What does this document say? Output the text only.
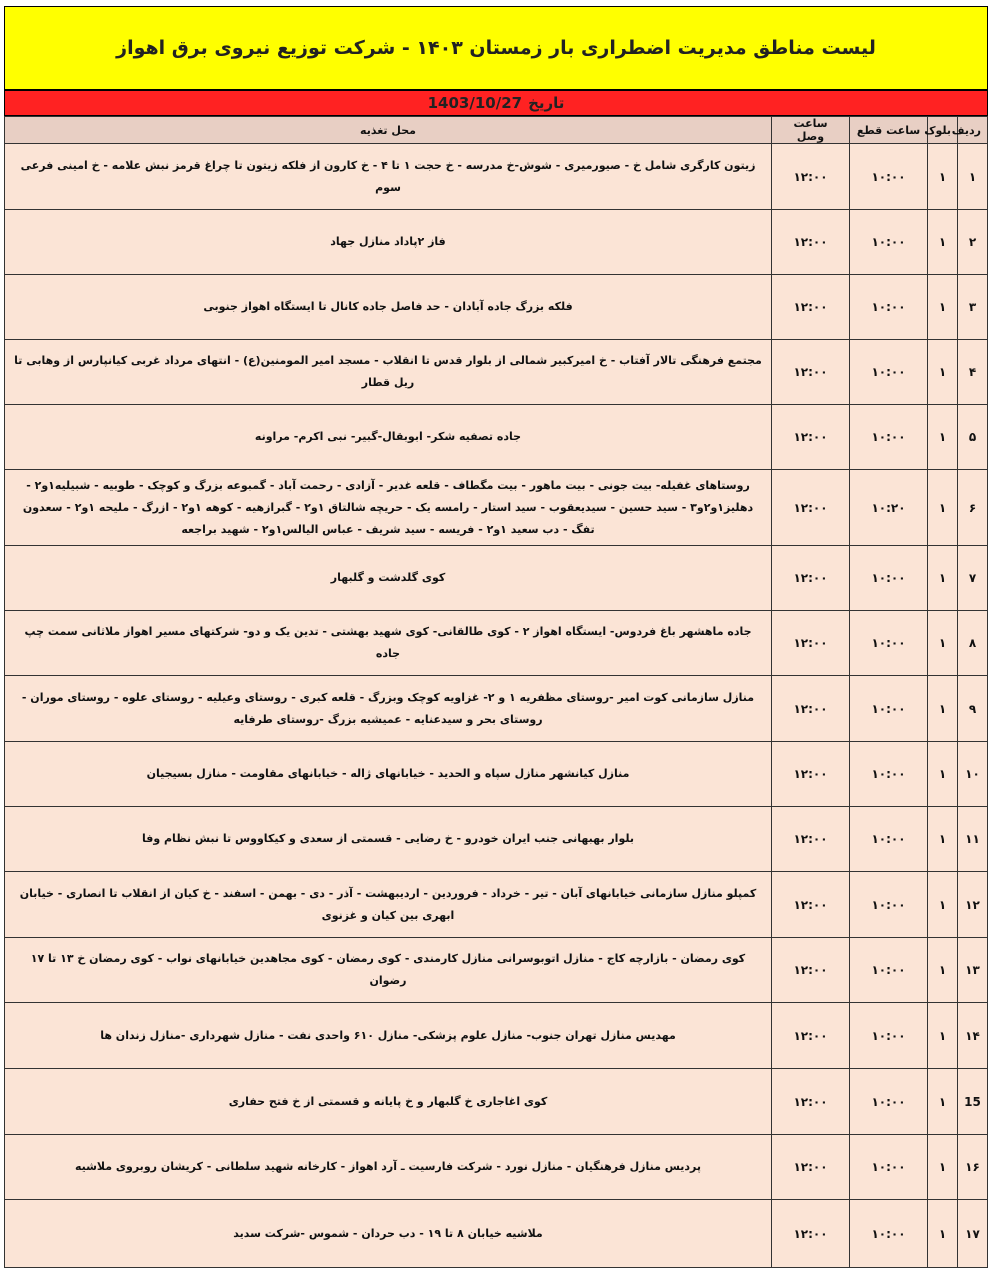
لیست مناطق مدیریت اضطراری بار زمستان ۱۴۰۳ - شرکت توزیع نیروی برق اهواز
تاریخ
1403/10/27
ردیف	بلوک	ساعت قطع	ساعت وصل	محل تغذیه
۱	۱	۱۰:۰۰	۱۲:۰۰	زیتون کارگری شامل خ - صیورمیری - شوش-خ مدرسه - خ حجت ۱ تا ۴ - خ کارون از فلکه زیتون تا چراغ قرمز نبش علامه - خ امینی فرعی سوم
۲	۱	۱۰:۰۰	۱۲:۰۰	فاز ۲پاداد منازل جهاد
۳	۱	۱۰:۰۰	۱۲:۰۰	فلکه بزرگ جاده آبادان - حد فاصل جاده کانال تا ایستگاه اهواز جنوبی
۴	۱	۱۰:۰۰	۱۲:۰۰	مجتمع فرهنگی تالار آفتاب - خ امیرکبیر شمالی از بلوار قدس تا انقلاب - مسجد امیر المومنین(ع) - انتهای مرداد غربی کیانپارس از وهابی تا ریل قطار
۵	۱	۱۰:۰۰	۱۲:۰۰	جاده تصفیه شکر- ابوبقال-گبیر- نبی اکرم- مراونه
۶	۱	۱۰:۲۰	۱۲:۰۰	روستاهای غفیله- بیت جونی - بیت ماهور - بیت مگطاف - قلعه غدیر - آزادی - رحمت آباد - گمبوعه بزرگ و کوچک - طوبیه - شبیلیه۱و۲ - دهلیز۱و۲و۳ - سید حسین - سیدیعقوب - سید استار - رامسه یک - حریچه شالتاق ۱و۲ - گبرازهیه - کوهه ۱و۲ - ازرگ - ملیحه ۱و۲ - سعدون تفگ - دب سعید ۱و۲ - فریسه - سید شریف - عباس الیالس۱و۲ - شهید براجعه
۷	۱	۱۰:۰۰	۱۲:۰۰	کوی گلدشت و گلبهار
۸	۱	۱۰:۰۰	۱۲:۰۰	جاده ماهشهر باغ فردوس- ایستگاه اهواز ۲ - کوی طالقانی- کوی شهید بهشتی - تدین یک و دو- شرکتهای مسیر اهواز ملاثانی سمت چپ جاده
۹	۱	۱۰:۰۰	۱۲:۰۰	منازل سازمانی کوت امیر -روستای مظفریه ۱ و ۲- غزاویه کوچک وبزرگ - قلعه کبری - روستای وعیلیه - روستای علوه - روستای موران - روستای بحر و سیدعنایه - عمیشیه بزرگ -روستای طرفایه
۱۰	۱	۱۰:۰۰	۱۲:۰۰	منازل کیانشهر منازل سپاه و الحدید - خیابانهای ژاله - خیابانهای مقاومت - منازل بسیجیان
۱۱	۱	۱۰:۰۰	۱۲:۰۰	بلوار بهبهانی جنب ایران خودرو - خ رضایی - قسمتی از سعدی و کیکاووس تا نبش نظام وفا
۱۲	۱	۱۰:۰۰	۱۲:۰۰	کمپلو منازل سازمانی خیابانهای آبان - تیر - خرداد - فروردین - اردیبهشت - آذر - دی - بهمن - اسفند - خ کیان از انقلاب تا انصاری - خیابان ابهری بین کیان و غزنوی
۱۳	۱	۱۰:۰۰	۱۲:۰۰	کوی رمضان - بازارچه کاج - منازل اتوبوسرانی منازل کارمندی - کوی رمضان - کوی مجاهدین خیابانهای نواب - کوی رمضان خ ۱۳ تا ۱۷ رضوان
۱۴	۱	۱۰:۰۰	۱۲:۰۰	مهدیس منازل تهران جنوب- منازل علوم پزشکی- منازل ۶۱۰ واحدی نفت - منازل شهرداری -منازل زندان ها
15	۱	۱۰:۰۰	۱۲:۰۰	کوی اغاجاری خ گلبهار و خ پایانه و قسمتی از خ فتح حفاری
۱۶	۱	۱۰:۰۰	۱۲:۰۰	پردیس منازل فرهنگیان - منازل نورد - شرکت فارسیت ـ آرد اهواز - کارخانه شهید سلطانی - کریشان روبروی ملاشیه
۱۷	۱	۱۰:۰۰	۱۲:۰۰	ملاشیه خیابان ۸ تا ۱۹ - دب حردان - شموس -شرکت سدید
